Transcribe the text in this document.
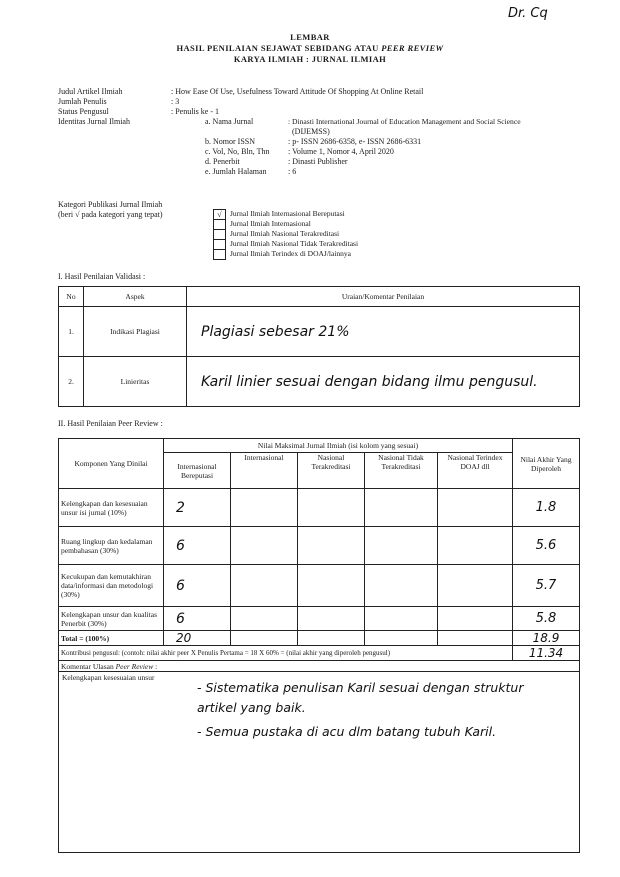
Dr. Cq
LEMBAR
HASIL PENILAIAN SEJAWAT SEBIDANG ATAU PEER REVIEW
KARYA ILMIAH : JURNAL ILMIAH
Judul Artikel Ilmiah	: How Ease Of Use, Usefulness Toward Attitude Of Shopping At Online Retail
Jumlah Penulis	: 3
Status Pengusul	: Penulis ke - 1
Identitas Jurnal Ilmiah	a. Nama Jurnal	: Dinasti International Journal of Education Management and Social Science
(DIJEMSS)
b. Nomor ISSN	: p- ISSN 2686-6358, e- ISSN 2686-6331
c. Vol, No, Bln, Thn : Volume 1, Nomor 4, April 2020
d. Penerbit	: Dinasti Publisher
e. Jumlah Halaman	: 6
Kategori Publikasi Jurnal Ilmiah
(beri √ pada kategori yang tepat)	√ Jurnal Ilmiah Internasional Bereputasi
Jurnal Ilmiah Internasional
Jurnal Ilmiah Nasional Terakreditasi
Jurnal Ilmiah Nasional Tidak Terakreditasi
Jurnal Ilmiah Terindex di DOAJ/lainnya
I. Hasil Penilaian Validasi :
No	Aspek	Uraian/Komentar Penilaian
1.	Indikasi Plagiasi	Plagiasi sebesar 21%
2.	Linieritas	Karil linier sesuai dengan bidang ilmu pengusul.
II. Hasil Penilaian Peer Review :
Komponen Yang Dinilai	Nilai Maksimal Jurnal Ilmiah (isi kolom yang sesuai)					Nilai Akhir Yang Diperoleh
	Internasional Bereputasi	Internasional	Nasional Terakreditasi	Nasional Tidak Terakreditasi	Nasional Terindex DOAJ dll	
Kelengkapan dan kesesuaian unsur isi jurnal (10%)	2					1.8
Ruang lingkup dan kedalaman pembahasan (30%)	6					5.6
Kecukupan dan kemutakhiran data/informasi dan metodologi (30%)	6					5.7
Kelengkapan unsur dan kualitas Penerbit (30%)	6					5.8
Total = (100%)	20					18.9
Kontribusi pengusul: (contoh: nilai akhir peer X Penulis Pertama = 18 X 60% = (nilai akhir yang diperoleh pengusul)						11.34
Komentar Ulasan Peer Review :						

Kelengkapan kesesuaian unsur
- Sistematika penulisan Karil sesuai dengan struktur artikel yang baik.
- Semua pustaka di acu dlm batang tubuh Karil.						
